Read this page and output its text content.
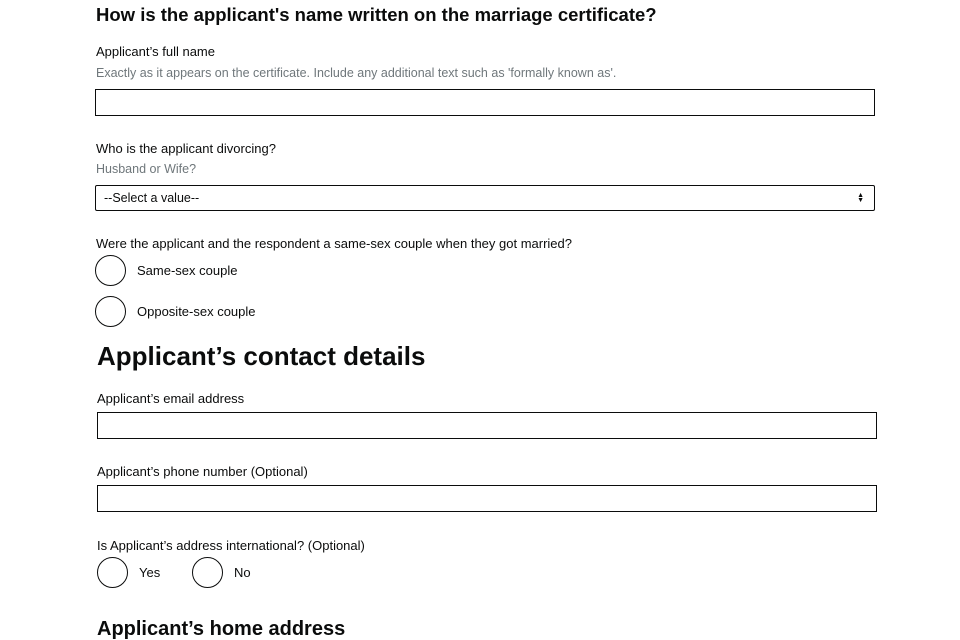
How is the applicant's name written on the marriage certificate?
Applicant’s full name
Exactly as it appears on the certificate. Include any additional text such as 'formally known as'.
Who is the applicant divorcing?
Husband or Wife?
--Select a value--	▲
▼
Were the applicant and the respondent a same-sex couple when they got married?
Same-sex couple
Opposite-sex couple
Applicant’s contact details
Applicant’s email address
Applicant’s phone number (Optional)
Is Applicant’s address international? (Optional)
Yes	No
Applicant’s home address
